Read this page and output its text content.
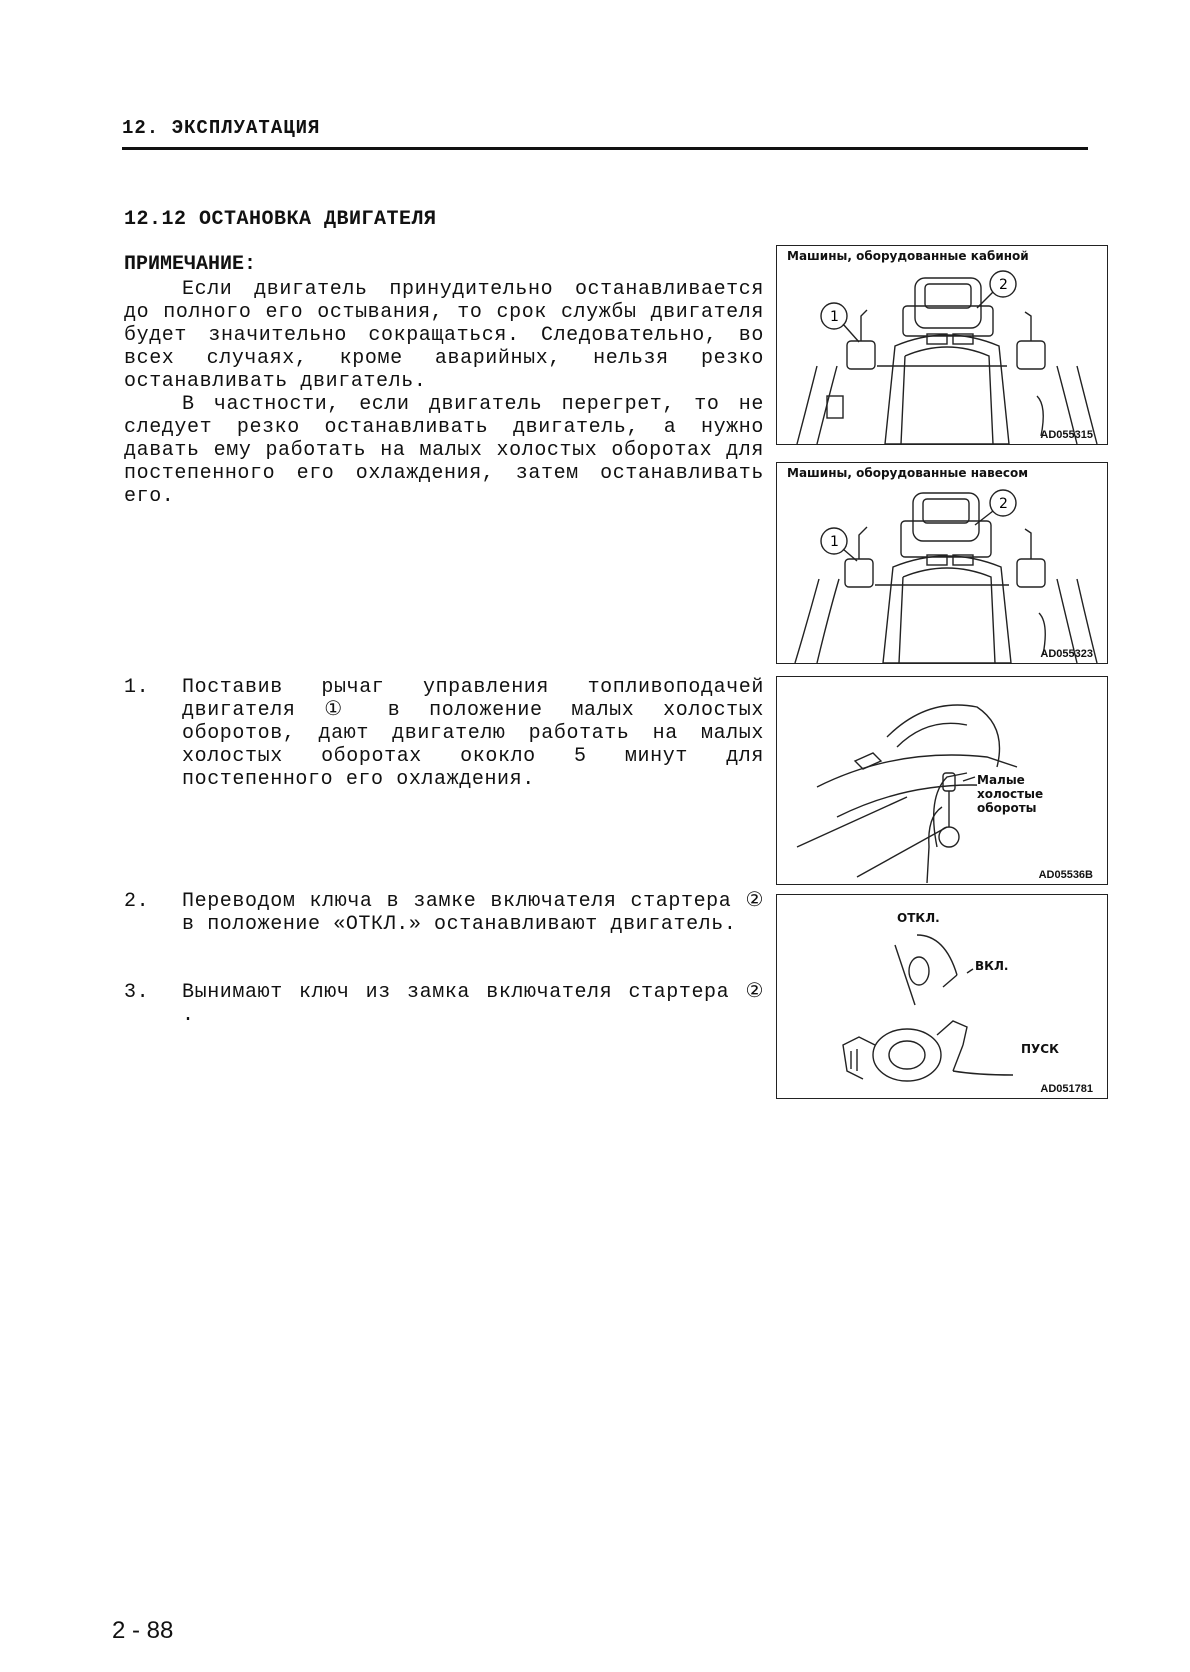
12. ЭКСПЛУАТАЦИЯ
12.12 ОСТАНОВКА ДВИГАТЕЛЯ
ПРИМЕЧАНИЕ:

Если двигатель принудительно останавливается до полного его остывания, то срок службы двигателя будет значительно сокращаться. Следовательно, во всех случаях, кроме аварийных, нельзя резко останавливать двигатель.

В частности, если двигатель перегрет, то не следует резко останавливать двигатель, а нужно давать ему работать на малых холостых оборотах для постепенного его охлаждения, затем останавливать его.

1. Поставив рычаг управления топливоподачей двигателя ① в положение малых холостых оборотов, дают двигателю работать на малых холостых оборотах ококло 5 минут для постепенного его охлаждения.
2. Переводом ключа в замке включателя стартера ② в положение «ОТКЛ.» останавливают двигатель.
3. Вынимают ключ из замка включателя стартера ② .
1
2
Машины, оборудованные кабиной
AD055315
1
2
Машины, оборудованные навесом
AD055323
Малые холостые обороты
AD05536B
ОТКЛ.
ВКЛ.
ПУСК
AD051781
2 - 88
